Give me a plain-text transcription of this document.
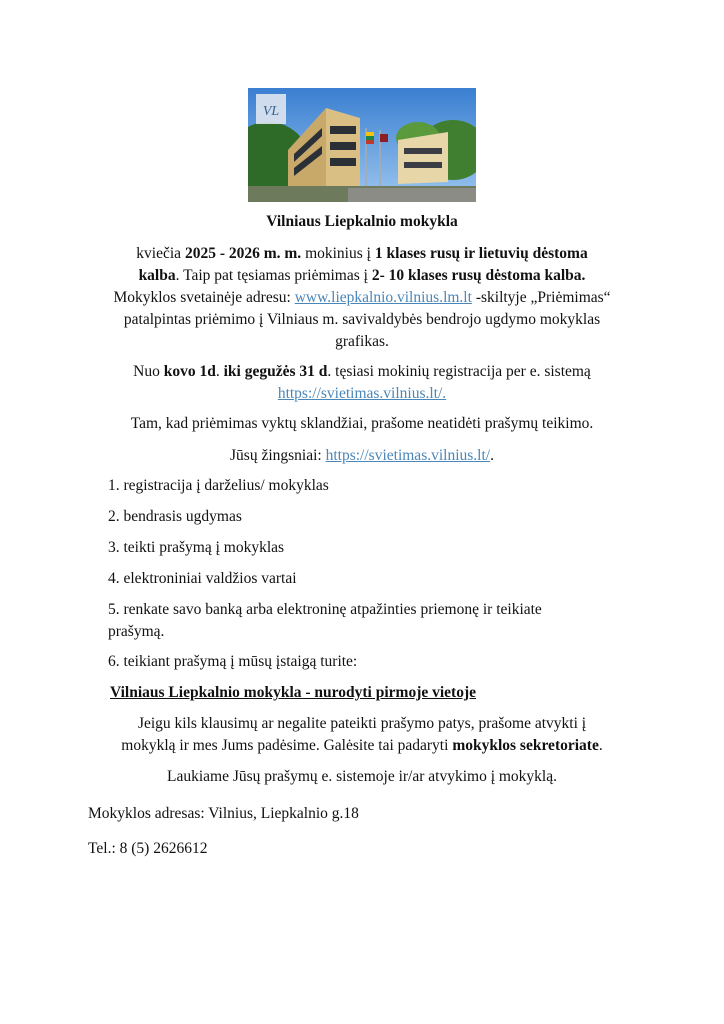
VL
Vilniaus Liepkalnio mokykla
kviečia 2025 - 2026 m. m. mokinius į 1 klases rusų ir lietuvių dėstoma
kalba. Taip pat tęsiamas priėmimas į 2- 10 klases rusų dėstoma kalba.
Mokyklos svetainėje adresu: www.liepkalnio.vilnius.lm.lt -skiltyje „Priėmimas“
patalpintas priėmimo į Vilniaus m. savivaldybės bendrojo ugdymo mokyklas
grafikas.
Nuo kovo 1d. iki gegužės 31 d. tęsiasi mokinių registracija per e. sistemą
https://svietimas.vilnius.lt/.
Tam, kad priėmimas vyktų sklandžiai, prašome neatidėti prašymų teikimo.
Jūsų žingsniai: https://svietimas.vilnius.lt/.
1. registracija į darželius/ mokyklas
2. bendrasis ugdymas
3. teikti prašymą į mokyklas
4. elektroniniai valdžios vartai
5. renkate savo banką arba elektroninę atpažinties priemonę ir teikiate
prašymą.
6. teikiant prašymą į mūsų įstaigą turite:
Vilniaus Liepkalnio mokykla - nurodyti pirmoje vietoje
Jeigu kils klausimų ar negalite pateikti prašymo patys, prašome atvykti į
mokyklą ir mes Jums padėsime. Galėsite tai padaryti mokyklos sekretoriate.
Laukiame Jūsų prašymų e. sistemoje ir/ar atvykimo į mokyklą.
Mokyklos adresas: Vilnius, Liepkalnio g.18
Tel.: 8 (5) 2626612
